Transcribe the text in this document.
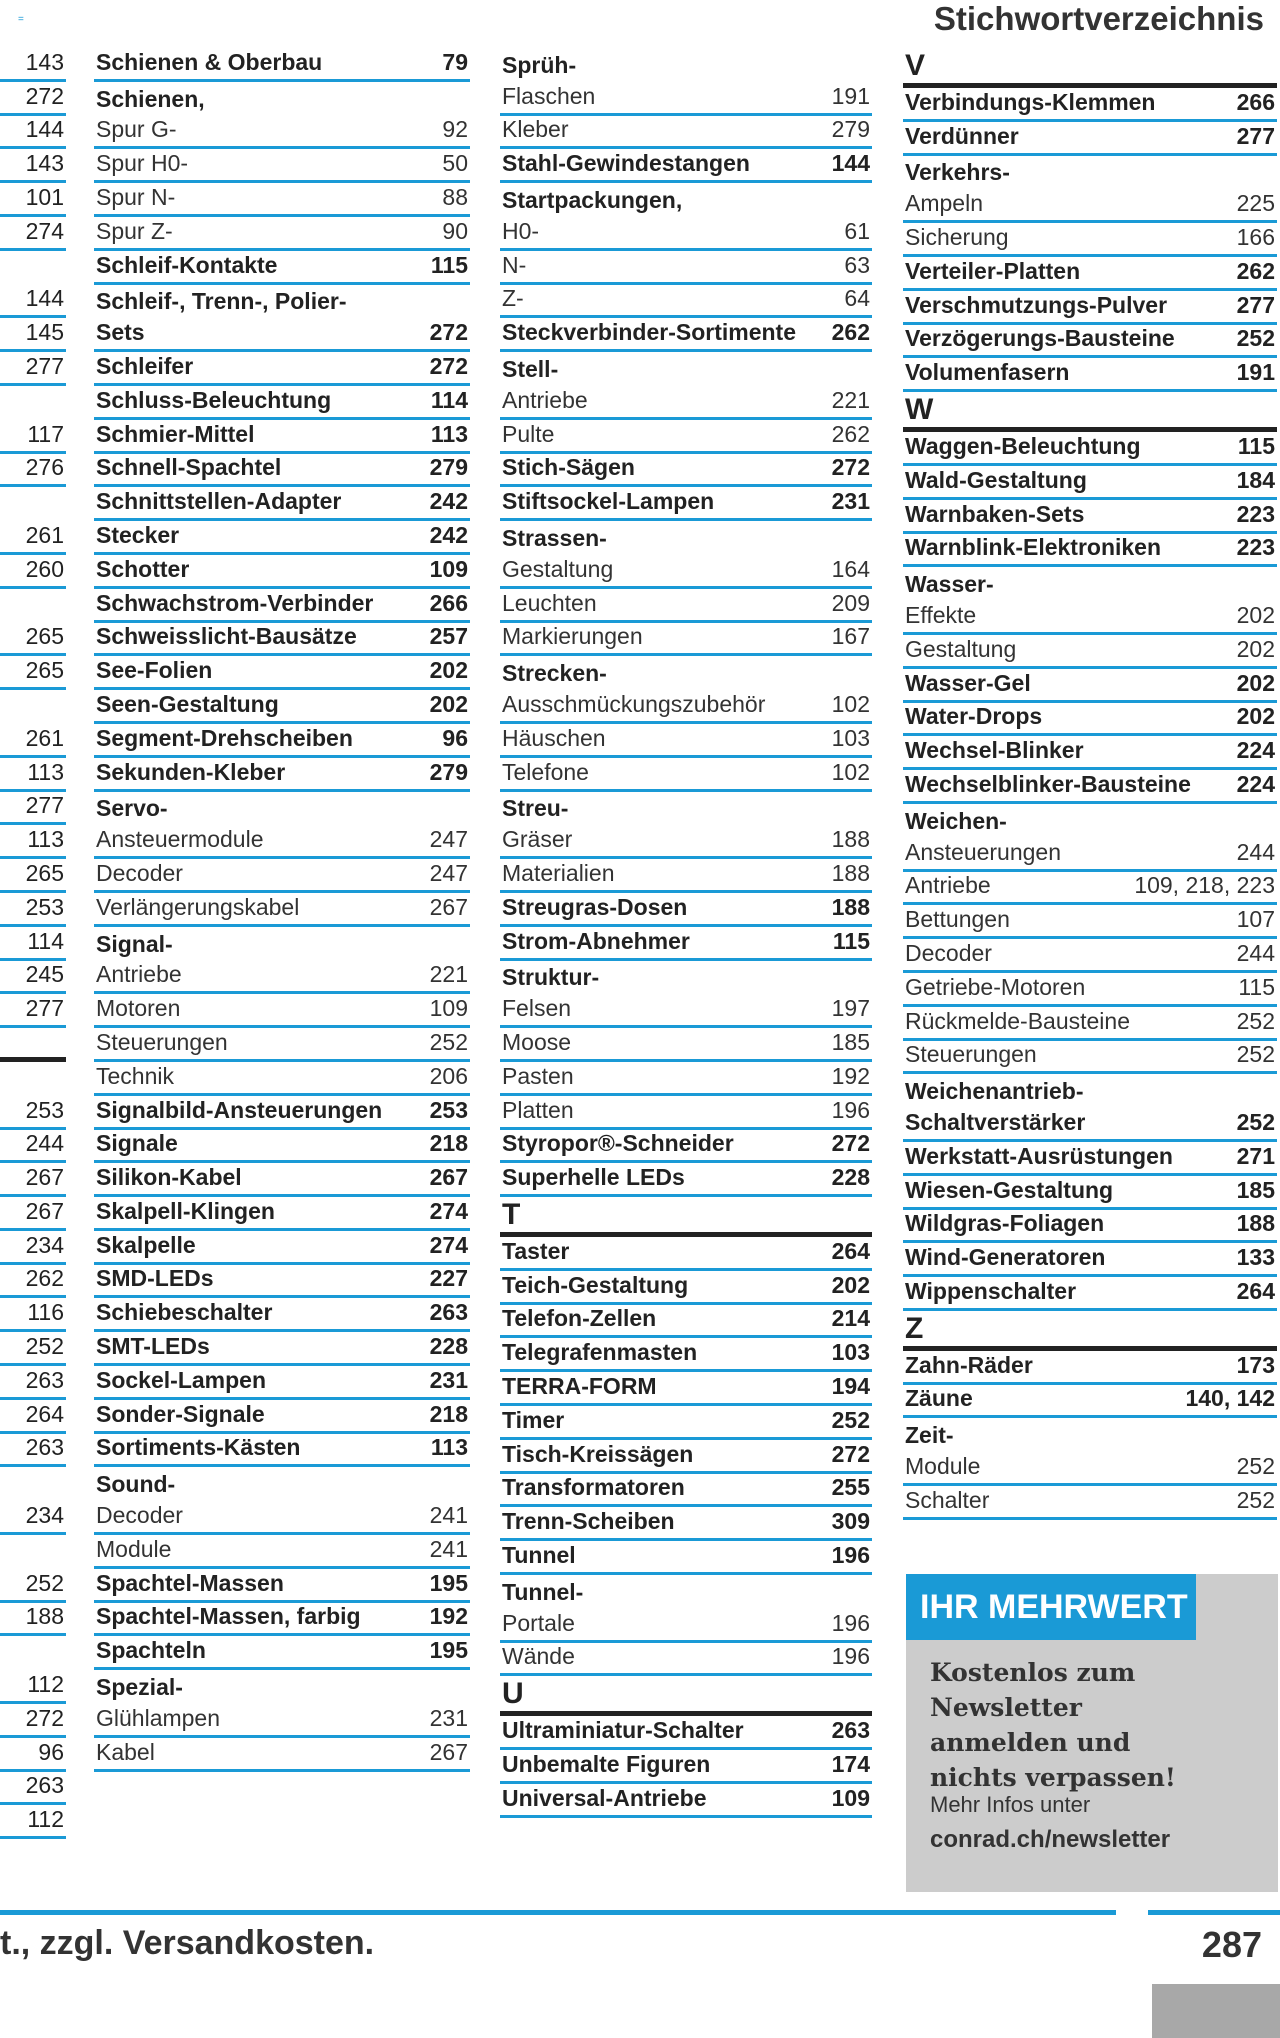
=	Stichwortverzeichnis
143
272
144
143
101
274
144
145
277
117
276
261
260
265
265
261
113
277
113
265
253
114
245
277
253
244
267
267
234
262
116
252
263
264
263
234
252
188
112
272
96
263
112
Schienen & Oberbau	79
Schienen,
Spur G-	92
Spur H0-	50
Spur N-	88
Spur Z-	90
Schleif-Kontakte	115
Schleif-, Trenn-, Polier-
Sets	272
Schleifer	272
Schluss-Beleuchtung	114
Schmier-Mittel	113
Schnell-Spachtel	279
Schnittstellen-Adapter	242
Stecker	242
Schotter	109
Schwachstrom-Verbinder 266
Schweisslicht-Bausätze	257
See-Folien	202
Seen-Gestaltung	202
Segment-Drehscheiben	96
Sekunden-Kleber	279
Servo-
Ansteuermodule	247
Decoder	247
Verlängerungskabel	267
Signal-
Antriebe	221
Motoren	109
Steuerungen	252
Technik	206
Signalbild-Ansteuerungen 253
Signale	218
Silikon-Kabel	267
Skalpell-Klingen	274
Skalpelle	274
SMD-LEDs	227
Schiebeschalter	263
SMT-LEDs	228
Sockel-Lampen	231
Sonder-Signale	218
Sortiments-Kästen	113
Sound-
Decoder	241
Module	241
Spachtel-Massen	195
Spachtel-Massen, farbig	192
Spachteln	195
Spezial-
Glühlampen	231
Kabel	267
Sprüh-
Flaschen	191
Kleber	279
Stahl-Gewindestangen	144
Startpackungen,
H0-	61
N-	63
Z-	64
Steckverbinder-Sortimente 262
Stell-
Antriebe	221
Pulte	262
Stich-Sägen	272
Stiftsockel-Lampen	231
Strassen-
Gestaltung	164
Leuchten	209
Markierungen	167
Strecken-
Ausschmückungszubehör	102
Häuschen	103
Telefone	102
Streu-
Gräser	188
Materialien	188
Streugras-Dosen	188
Strom-Abnehmer	115
Struktur-
Felsen	197
Moose	185
Pasten	192
Platten	196
Styropor®-Schneider	272
Superhelle LEDs	228
T
Taster	264
Teich-Gestaltung	202
Telefon-Zellen	214
Telegrafenmasten	103
TERRA-FORM	194
Timer	252
Tisch-Kreissägen	272
Transformatoren	255
Trenn-Scheiben	309
Tunnel	196
Tunnel-
Portale	196
Wände	196
U
Ultraminiatur-Schalter	263
Unbemalte Figuren	174
Universal-Antriebe	109
V
Verbindungs-Klemmen	266
Verdünner	277
Verkehrs-
Ampeln	225
Sicherung	166
Verteiler-Platten	262
Verschmutzungs-Pulver	277
Verzögerungs-Bausteine	252
Volumenfasern	191
W
Waggen-Beleuchtung	115
Wald-Gestaltung	184
Warnbaken-Sets	223
Warnblink-Elektroniken	223
Wasser-
Effekte	202
Gestaltung	202
Wasser-Gel	202
Water-Drops	202
Wechsel-Blinker	224
Wechselblinker-Bausteine 224
Weichen-
Ansteuerungen	244
Antriebe	109, 218, 223
Bettungen	107
Decoder	244
Getriebe-Motoren	115
Rückmelde-Bausteine	252
Steuerungen	252
Weichenantrieb-
Schaltverstärker	252
Werkstatt-Ausrüstungen	271
Wiesen-Gestaltung	185
Wildgras-Foliagen	188
Wind-Generatoren	133
Wippenschalter	264
Z
Zahn-Räder	173
Zäune	140, 142
Zeit-
Module	252
Schalter	252
IHR MEHRWERT
Kostenlos zum Newsletter
anmelden und
nichts verpassen!
Mehr Infos unter
conrad.ch/newsletter
t., zzgl. Versandkosten.	287
